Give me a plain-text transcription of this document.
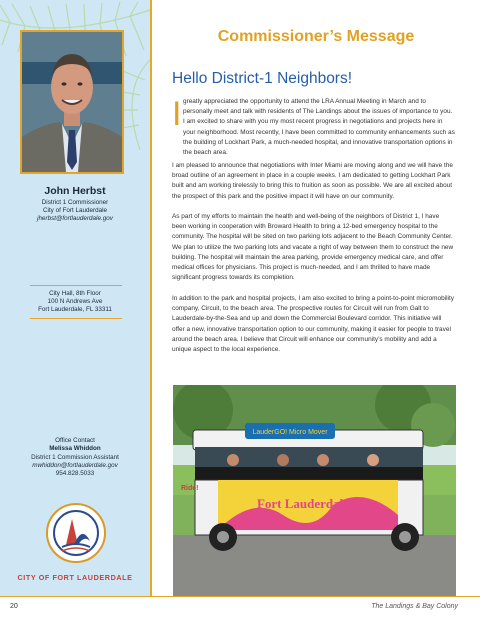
John Herbst
District 1 Commissioner
City of Fort Lauderdale
jherbst@fortlauderdale.gov
City Hall, 8th Floor
100 N Andrews Ave
Fort Lauderdale, FL 33311
Office Contact
Melissa Whiddon
District 1 Commission Assistant
mwhiddon@fortlauderdale.gov
954.828.5033
CITY OF FORT LAUDERDALE
Commissioner’s Message
Hello District-1 Neighbors!
I greatly appreciated the opportunity to attend the LRA Annual Meeting in March and to personally meet and talk with residents of The Landings about the issues of importance to you. I am excited to share with you my most recent progress in negotiations and projects here in your neighborhood. Most recently, I have been committed to community enhancements such as the building of Lockhart Park, a much-needed hospital, and innovative transportation options in the beach area.

I am pleased to announce that negotiations with Inter Miami are moving along and we will have the broad outline of an agreement in place in a couple weeks. I am dedicated to getting Lockhart Park built and am working tirelessly to bring this to fruition as soon as possible. We are all excited about the prospect of this park and the positive impact it will have on our community.

As part of my efforts to maintain the health and well-being of the neighbors of District 1, I have been working in cooperation with Broward Health to bring a 12-bed emergency hospital to the community. The hospital will be sited on two parking lots adjacent to the Beach Community Center. We plan to utilize the two parking lots and vacate a right of way between them to construct the new building. The hospital will maintain the area parking, provide emergency medical care, and offer medical offices for physicians. This project is much-needed, and I am thrilled to have made significant progress towards its completion.

In addition to the park and hospital projects, I am also excited to bring a point-to-point micromobility company, Circuit, to the beach area. The prospective routes for Circuit will run from Galt to Lauderdale-by-the-Sea and up and down the Commercial Boulevard corridor. This initiative will offer a new, innovative transportation option to our community, making it easier for people to travel around the beach area. I believe that Circuit will enhance our community’s mobility and add a unique aspect to the local experience.

LauderGO! Micro Mover
Fort Lauderdale
Ride!
20	The Landings & Bay Colony
